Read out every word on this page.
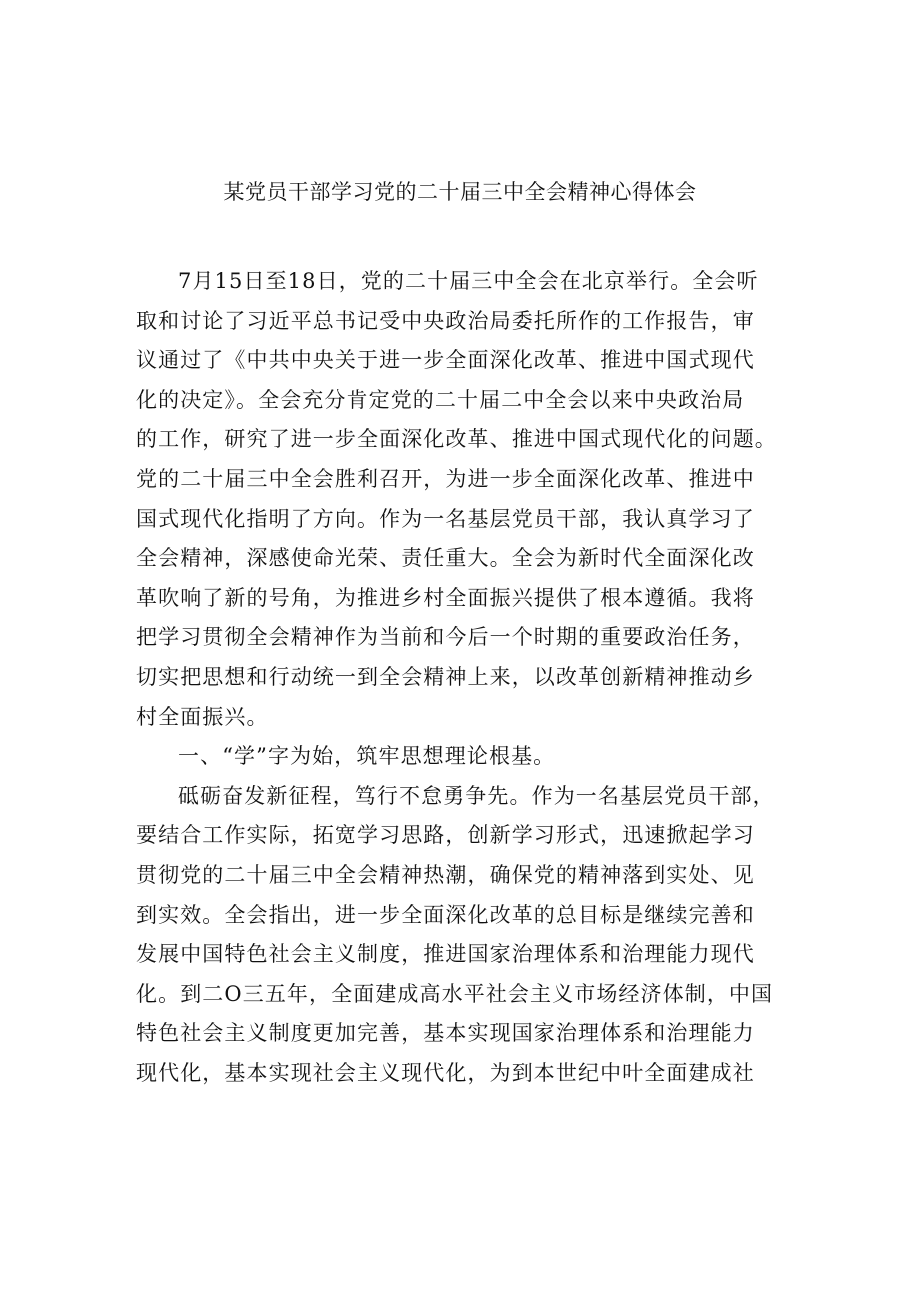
某党员干部学习党的二十届三中全会精神心得体会

7月15日至18日，党的二十届三中全会在北京举行。全会听

取和讨论了习近平总书记受中央政治局委托所作的工作报告，审

议通过了《中共中央关于进一步全面深化改革、推进中国式现代

化的决定》。全会充分肯定党的二十届二中全会以来中央政治局

的工作，研究了进一步全面深化改革、推进中国式现代化的问题。

党的二十届三中全会胜利召开，为进一步全面深化改革、推进中

国式现代化指明了方向。作为一名基层党员干部，我认真学习了

全会精神，深感使命光荣、责任重大。全会为新时代全面深化改

革吹响了新的号角，为推进乡村全面振兴提供了根本遵循。我将

把学习贯彻全会精神作为当前和今后一个时期的重要政治任务，

切实把思想和行动统一到全会精神上来，以改革创新精神推动乡

村全面振兴。

一、“学”字为始，筑牢思想理论根基。

砥砺奋发新征程，笃行不怠勇争先。作为一名基层党员干部，

要结合工作实际，拓宽学习思路，创新学习形式，迅速掀起学习

贯彻党的二十届三中全会精神热潮，确保党的精神落到实处、见

到实效。全会指出，进一步全面深化改革的总目标是继续完善和

发展中国特色社会主义制度，推进国家治理体系和治理能力现代

化。到二O三五年，全面建成高水平社会主义市场经济体制，中国

特色社会主义制度更加完善，基本实现国家治理体系和治理能力

现代化，基本实现社会主义现代化，为到本世纪中叶全面建成社
